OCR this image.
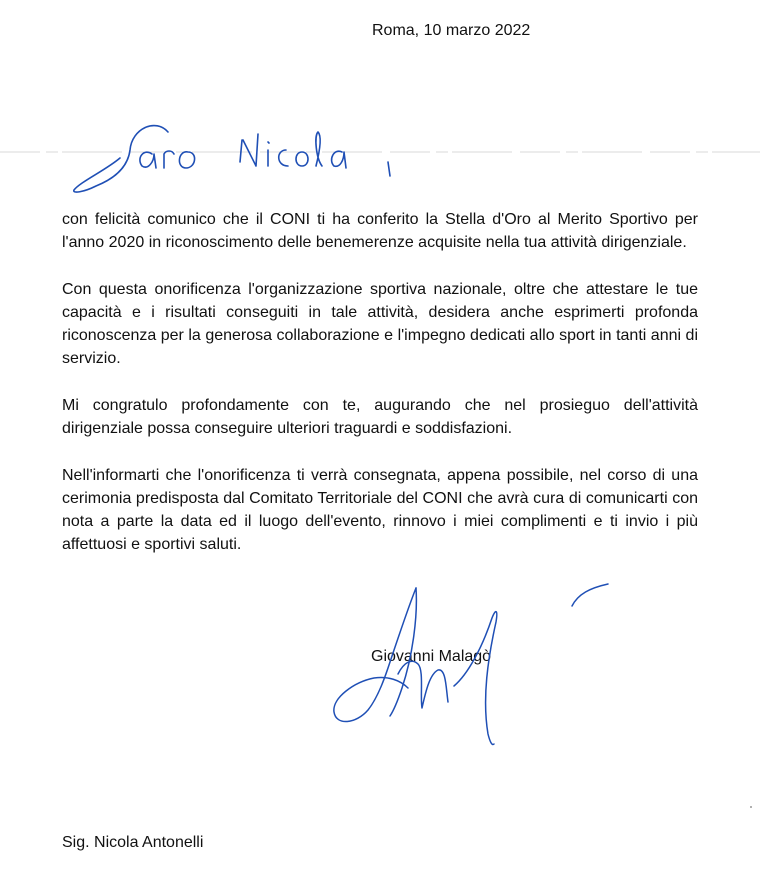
Roma, 10 marzo 2022

con felicità comunico che il CONI ti ha conferito la Stella d'Oro al Merito Sportivo per l'anno 2020 in riconoscimento delle benemerenze acquisite nella tua attività dirigenziale.

Con questa onorificenza l'organizzazione sportiva nazionale, oltre che attestare le tue capacità e i risultati conseguiti in tale attività, desidera anche esprimerti profonda riconoscenza per la generosa collaborazione e l'impegno dedicati allo sport in tanti anni di servizio.

Mi congratulo profondamente con te, augurando che nel prosieguo dell'attività dirigenziale possa conseguire ulteriori traguardi e soddisfazioni.

Nell'informarti che l'onorificenza ti verrà consegnata, appena possibile, nel corso di una cerimonia predisposta dal Comitato Territoriale del CONI che avrà cura di comunicarti con nota a parte la data ed il luogo dell'evento, rinnovo i miei complimenti e ti invio i più affettuosi e sportivi saluti.

Giovanni Malagò
Sig. Nicola Antonelli
